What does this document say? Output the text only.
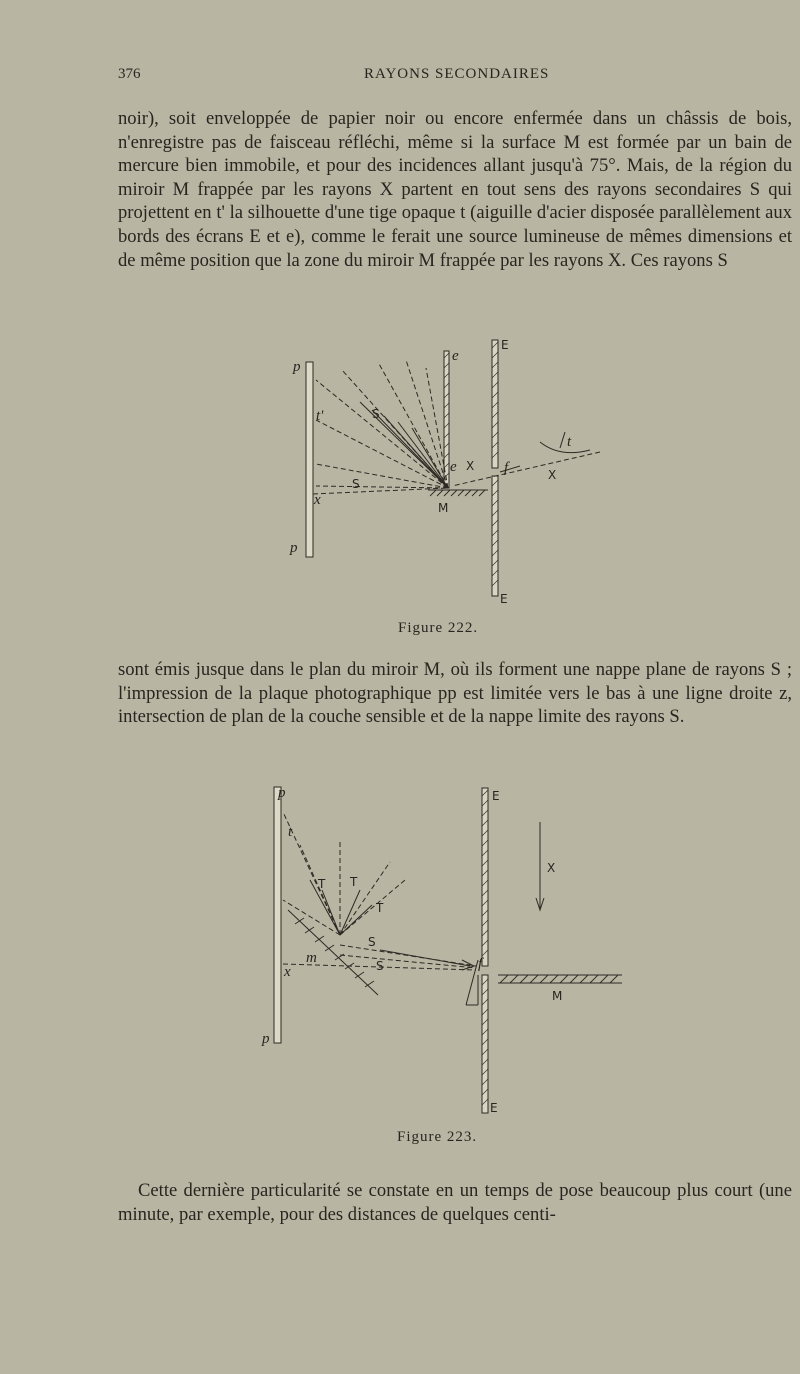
376	RAYONS SECONDAIRES

noir), soit enveloppée de papier noir ou encore enfermée dans un châssis de bois, n'enregistre pas de faisceau réfléchi, même si la surface M est formée par un bain de mercure bien immobile, et pour des incidences allant jusqu'à 75°. Mais, de la région du miroir M frappée par les rayons X partent en tout sens des rayons secondaires S qui projettent en t' la silhouette d'une tige opaque t (aiguille d'acier disposée parallèlement aux bords des écrans E et e), comme le ferait une source lumineuse de mêmes dimensions et de même position que la zone du miroir M frappée par les rayons X. Ces rayons S

p
p
e
e
E
E
t'	S
S
x
X
X
M
f
t
Figure 222.

sont émis jusque dans le plan du miroir M, où ils forment une nappe plane de rayons S ; l'impression de la plaque photographique pp est limitée vers le bas à une ligne droite z, intersection de plan de la couche sensible et de la nappe limite des rayons S.

p
p
E
E
X
M
m
S
S
T T
T
t
x	f
Figure 223.

Cette dernière particularité se constate en un temps de pose beaucoup plus court (une minute, par exemple, pour des distances de quelques centi-
